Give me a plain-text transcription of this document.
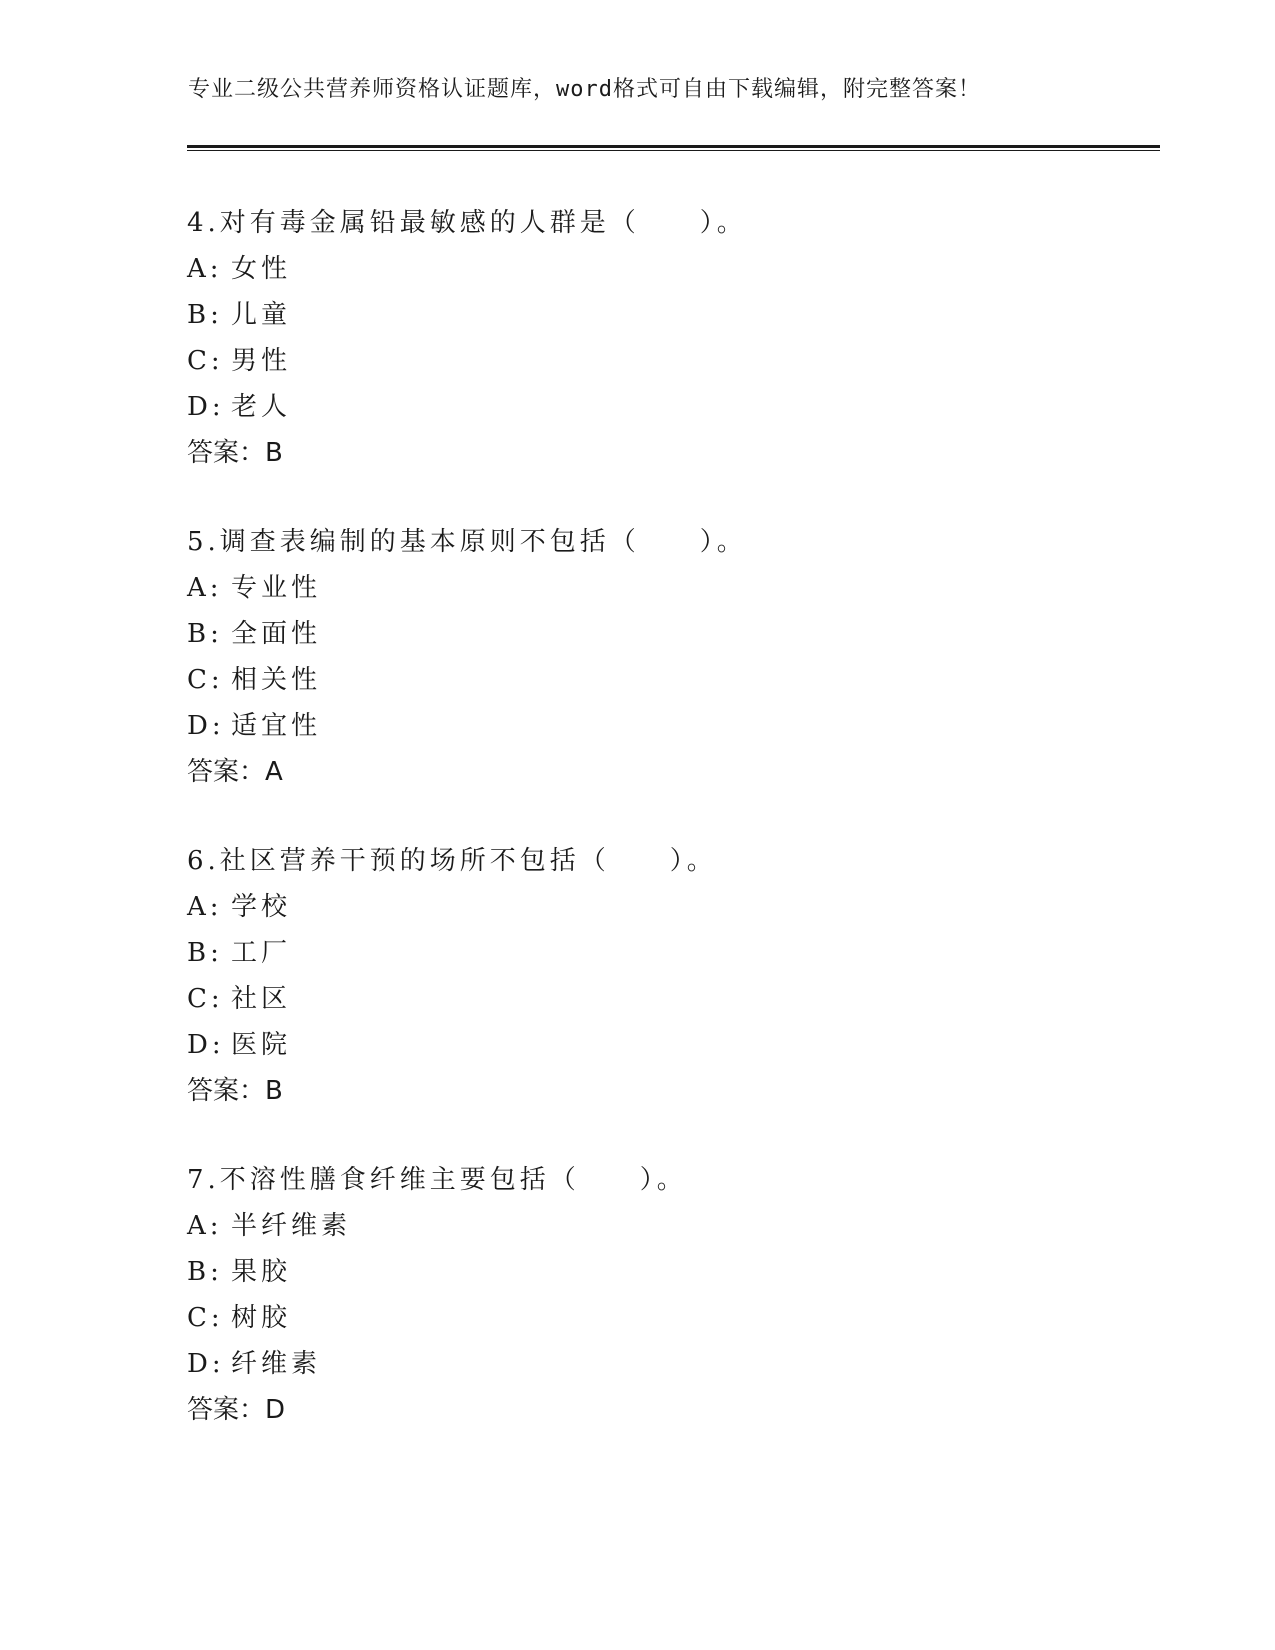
专业二级公共营养师资格认证题库，word格式可自由下载编辑，附完整答案！
4.对有毒金属铅最敏感的人群是（　　）。
A: 女性
B: 儿童
C: 男性
D: 老人
答案：B
5.调查表编制的基本原则不包括（　　）。
A: 专业性
B: 全面性
C: 相关性
D: 适宜性
答案：A
6.社区营养干预的场所不包括（　　）。
A: 学校
B: 工厂
C: 社区
D: 医院
答案：B
7.不溶性膳食纤维主要包括（　　）。
A: 半纤维素
B: 果胶
C: 树胶
D: 纤维素
答案：D
